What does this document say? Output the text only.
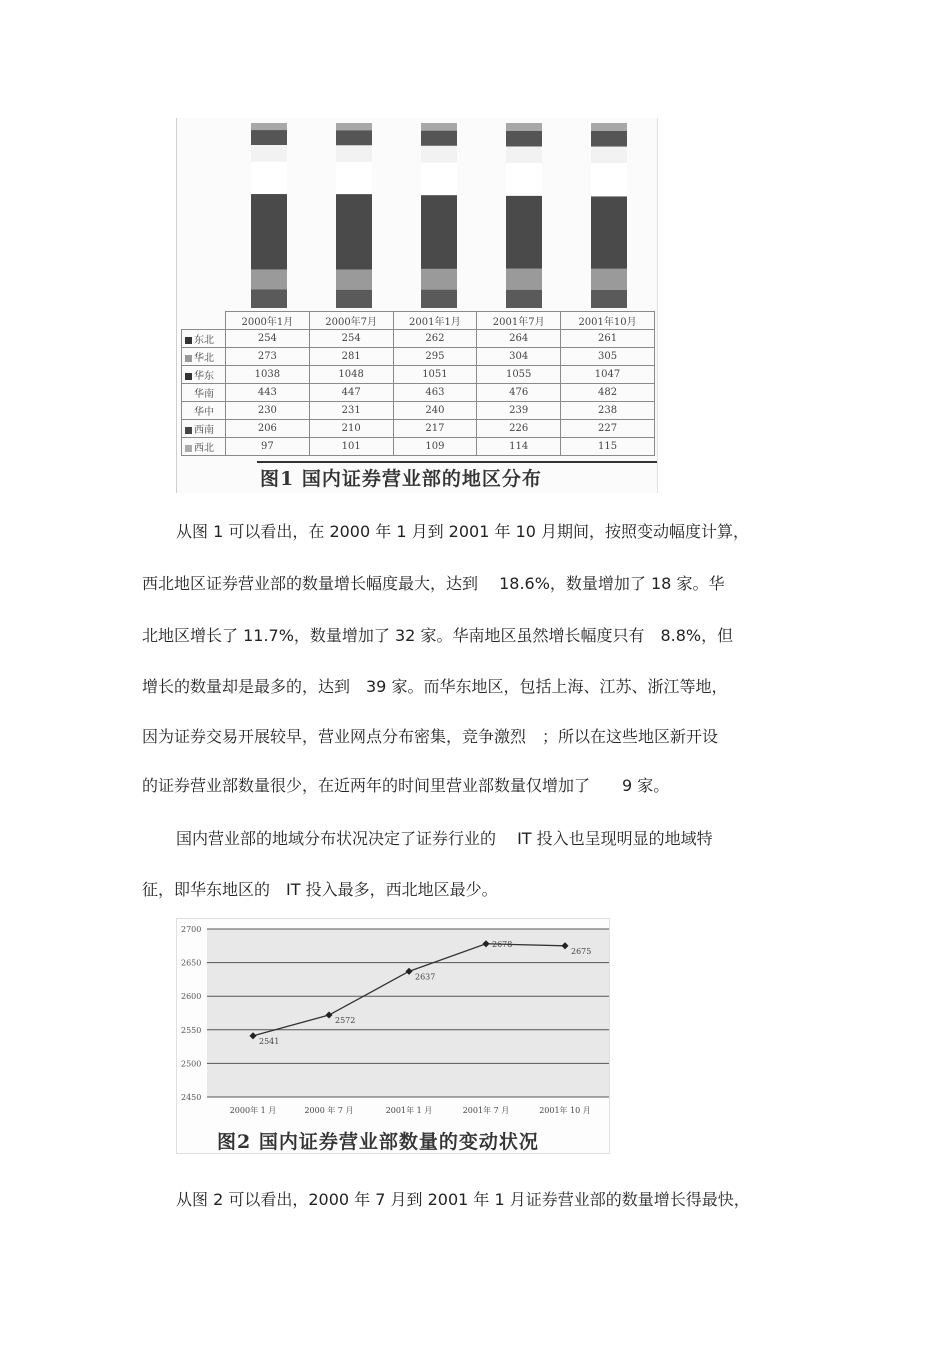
	2000年1月	2000年7月	2001年1月	2001年7月	2001年10月
东北	254	254	262	264	261
华北	273	281	295	304	305
华东	1038	1048	1051	1055	1047
华南	443	447	463	476	482
华中	230	231	240	239	238
西南	206	210	217	226	227
西北	97	101	109	114	115
图1 国内证券营业部的地区分布
从图 1 可以看出，在 2000 年 1 月到 2001 年 10 月期间，按照变动幅度计算，
西北地区证券营业部的数量增长幅度最大，达到　 18.6%，数量增加了 18 家。华
北地区增长了 11.7%，数量增加了 32 家。华南地区虽然增长幅度只有　8.8%，但
增长的数量却是最多的，达到　39 家。而华东地区，包括上海、江苏、浙江等地，
因为证券交易开展较早，营业网点分布密集，竞争激烈　；所以在这些地区新开设
的证券营业部数量很少，在近两年的时间里营业部数量仅增加了　　9 家。
国内营业部的地域分布状况决定了证券行业的　 IT 投入也呈现明显的地域特
征，即华东地区的　IT 投入最多，西北地区最少。
2450
2500
2550
2600
2650
2700
2541
2572
2637
2678
2675
2000年 1 月	2000 年 7 月	2001年 1 月	2001年 7 月	2001年 10 月
图2 国内证券营业部数量的变动状况
从图 2 可以看出，2000 年 7 月到 2001 年 1 月证券营业部的数量增长得最快，
